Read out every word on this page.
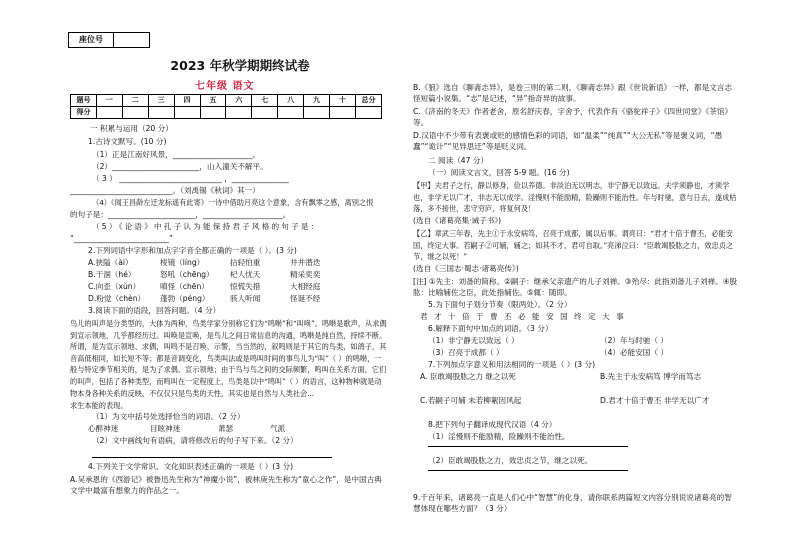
座位号
2023 年秋学期期终试卷
七年级 语文
题号	一	二	三	四	五	六	七	八	九	十	总分
得分											
一 积累与运用（20 分）
1.古诗文默写。(10 分)
（1）正是江南好风景，_____________________。
（2）_______________________，山入潼关不解平。
（ 3 ） ___________________________ ，_______________
___________________________。（刘禹锡《秋词》其一）
（4）《闻王昌龄左迁龙标遥有此寄》一诗中借助月亮这个意象，含有飘零之感，离别之恨
的句子是：_______________________，_____________________。
（5）《论语》中孔子认为能保持君子风格的句子是：
“_________________________”
2.下列词语中字形和加点字字音全都正确的一项是（ ）。(3 分)
A.狭隘（ài）	棱镜（líng）	拈轻怕重	井井潜迭
B.干涸（hé）	怒吼（chēng） 杞人忧天	精采奕奕
C.向歪（xùn）	嗔怪（chēn）	惊慌失措	大相经庭
D.粉觉（chèn） 蓬勃（péng）	骇人听闻	怪诞不经
3.阅读下面的语段，回答问题。（4 分）
鸟儿的叫声是分类型的，大体为两种，鸟类学家分别称它们为“鸣啭”和“叫唤”。鸣啭是歌声，从求偶到宣示领地，几乎都经历过。叫唤是宣唤，是鸟儿之间日常信息的沟通，鸣啭是纯自然，持续不断。所谓，是为宣示领地、求偶，叫鸣不是召唤、示警，当当然的，叙鸣则是于其它的鸟类，如鸽子，其音高低相同，如长短不等；都是音调变化，鸟类叫法或是鸣叫时间的事鸟儿为“叫”（ ）的鸣啭，一般与特定季节相关的，是为了求偶、宣示领地；由于鸟与鸟之间的交际频繁，鸣叫在关系方面，它们的叫声，包括了各种类型，而鸣叫在一定程度上，鸟类是以中“鸣叫”（ ）的语言，这种物种就是动物本身各种关系的反映，不仅仅只是鸟类的天性，其实也是自然与人类社会...
求生本能的表现。
（1）为文中括号处选择恰当的词语。（2 分）
心醉神迷	目眩神迷	萧瑟	气派
（2）文中画线句有语病，请将修改后的句子写下来。（2 分）
4.下列关于文学常识、文化知识表述正确的一项是（ ）(3 分)
A.吴承恩的《西游记》被鲁迅先生称为“神魔小说”，被林庚先生称为“童心之作”，是中国古典文学中最富有想象力的作品之一。
B.《狼》选自《聊斋志异》，是卷三则的第二则，《聊斋志异》跟《世说新语》一样，都是文言志怪短篇小说集。“志”是记述，“异”指奇异的故事。
C.《济南的冬天》作者老舍，原名舒庆春，字舍予，代表作有《骆驼祥子》《四世同堂》《茶馆》等。
D.汉语中不少带有表褒或贬的感情色彩的词语，如“温柔”“纯真”“大公无私”等是褒义词，“愚蠢”“诡计”“见异思迁”等是贬义词。
二 阅读（47 分）
（一）阅读文言文，回答 5-9 题。(16 分)
【甲】夫君子之行，静以修身，俭以养德。非淡泊无以明志，非宁静无以致远。夫学须静也，才须学也，非学无以广才，非志无以成学。淫慢则不能励精，险躁则不能治性。年与时驰，意与日去，遂成枯落，多不接世，悲守穷庐，将复何及！
(选自《诸葛亮集·诫子书》)
【乙】章武三年春，先主①于永安病笃，召亮于成都，属以后事。谓亮曰：“君才十倍于曹丕，必能安国，终定大事。若嗣子②可辅，辅之；如其不才，君可自取。”亮涕泣曰：“臣敢竭股肱之力，效忠贞之节，继之以死！”
(选自《三国志·蜀志·诸葛亮传》)
[注] ①先主：刘备的简称。②嗣子：继承父亲遗产的儿子刘禅。③殆尽：此指刘备儿子刘禅。④股肱：比喻辅佐之臣，此处指辅佐。⑤辄：随即。
5.为下面句子划分节奏（限两处）。（2 分）
君 才 十 倍 于 曹 丕 必 能 安 国 终 定 大 事
6.解释下面句中加点的词语。（3 分）
（1）非宁静无以致远（ ）	（2）年与时驰（ ）
（3）召亮于成都（ ）	（4）必能安国（ ）
7.下列加点字意义和用法相同的一项是（ ）(3 分)
A. 臣敢竭股肱之力 继之以死	B.先主于永安病笃 博学而笃志
C.若嗣子可辅 未若柳絮因风起	D.君才十倍于曹丕 非学无以广才
8.把下列句子翻译成现代汉语（4 分）
（1）淫慢则不能励精，险躁则不能治性。
（2）臣敢竭股肱之力，效忠贞之节，继之以死。
9.千百年来，诸葛亮一直是人们心中“智慧”的化身，请你联系两篇短文内容分别说说诸葛亮的智慧体现在哪些方面？（3 分）
